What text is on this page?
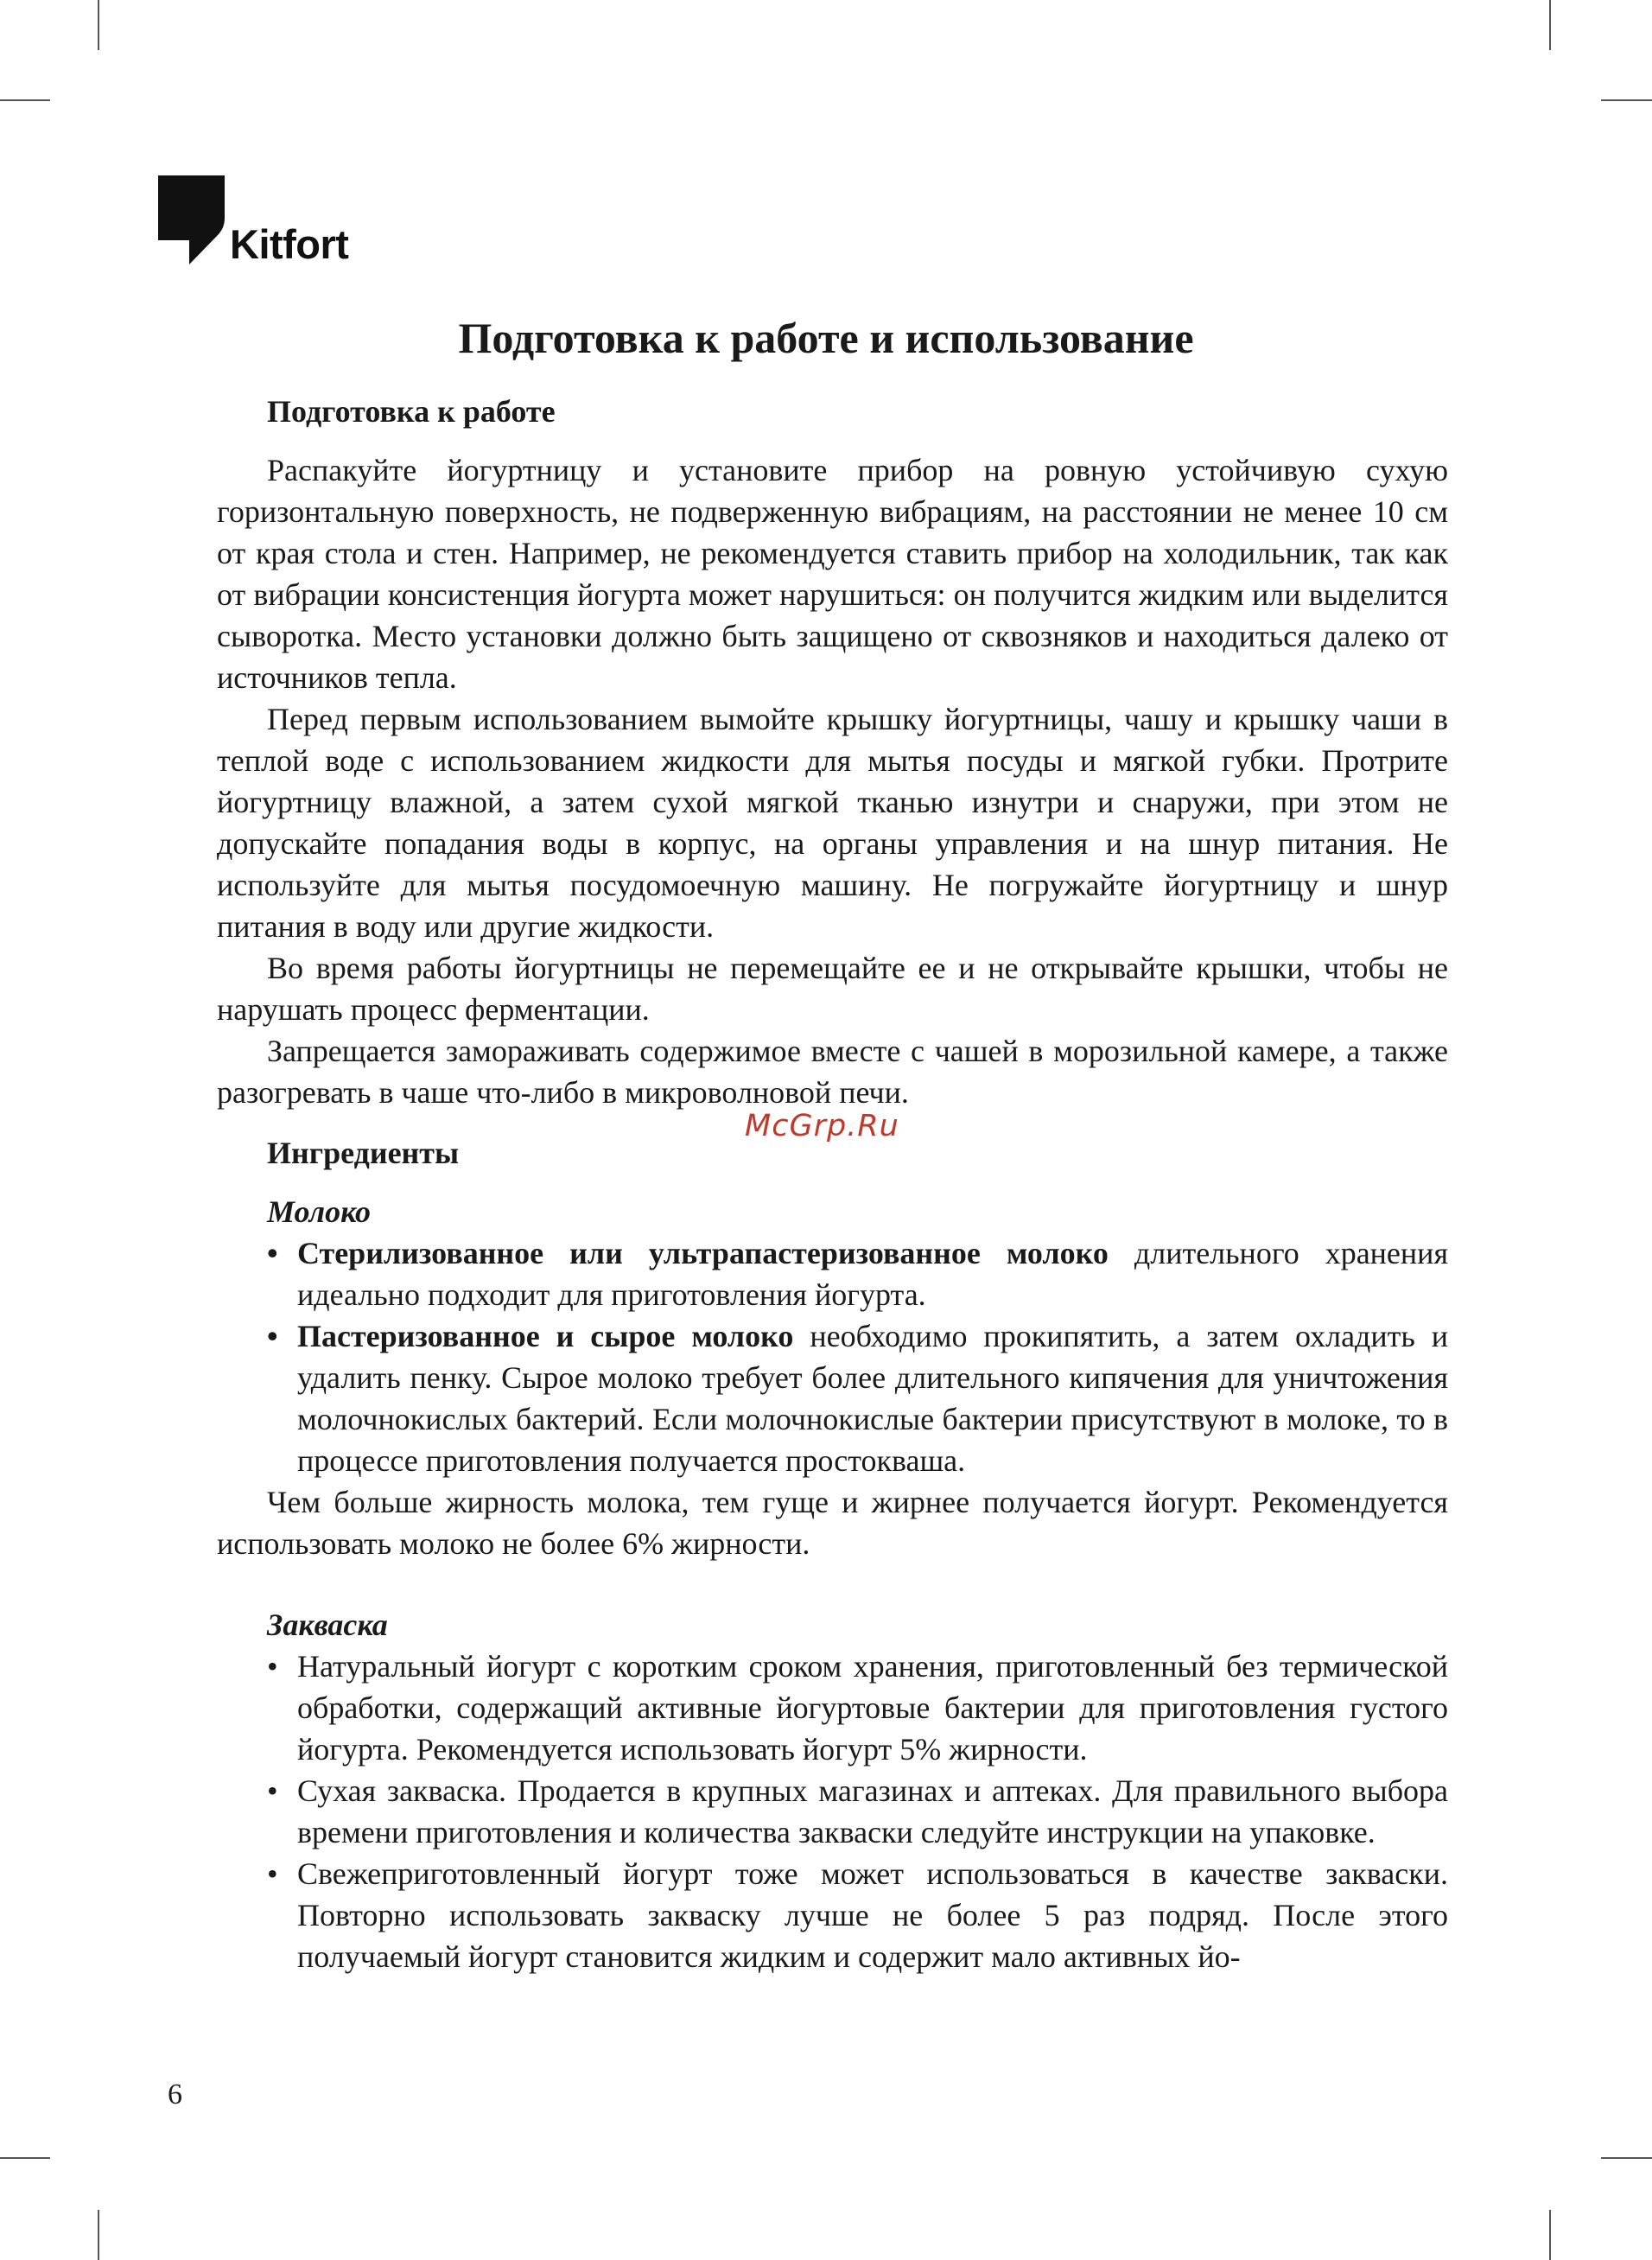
Kitfort
Подготовка к работе и использование
Подготовка к работе

Распакуйте йогуртницу и установите прибор на ровную устойчивую сухую горизонтальную поверхность, не подверженную вибрациям, на расстоянии не менее 10 см от края стола и стен. Например, не рекомендуется ставить прибор на холодильник, так как от вибрации консистенция йогурта может нарушиться: он получится жидким или выделится сыворотка. Место установки должно быть защищено от сквозняков и находиться далеко от источников тепла.

Перед первым использованием вымойте крышку йогуртницы, чашу и крышку чаши в теплой воде с использованием жидкости для мытья посуды и мягкой губки. Протрите йогуртницу влажной, а затем сухой мягкой тканью изнутри и снаружи, при этом не допускайте попадания воды в корпус, на органы управления и на шнур питания. Не используйте для мытья посудомоечную машину. Не погружайте йогуртницу и шнур питания в воду или другие жидкости.

Во время работы йогуртницы не перемещайте ее и не открывайте крышки, чтобы не нарушать процесс ферментации.

Запрещается замораживать содержимое вместе с чашей в морозильной камере, а также разогревать в чаше что-либо в микроволновой печи.

Ингредиенты
Молоко
• Стерилизованное или ультрапастеризованное молоко длительного хранения идеально подходит для приготовления йогурта.
• Пастеризованное и сырое молоко необходимо прокипятить, а затем охладить и удалить пенку. Сырое молоко требует более длительного кипячения для уничтожения молочнокислых бактерий. Если молочнокислые бактерии присутствуют в молоке, то в процессе приготовления получается простокваша.

Чем больше жирность молока, тем гуще и жирнее получается йогурт. Рекомендуется использовать молоко не более 6% жирности.

Закваска
• Натуральный йогурт с коротким сроком хранения, приготовленный без термической обработки, содержащий активные йогуртовые бактерии для приготовления густого йогурта. Рекомендуется использовать йогурт 5% жирности.
• Сухая закваска. Продается в крупных магазинах и аптеках. Для правильного выбора времени приготовления и количества закваски следуйте инструкции на упаковке.
• Свежеприготовленный йогурт тоже может использоваться в качестве закваски. Повторно использовать закваску лучше не более 5 раз подряд. После этого получаемый йогурт становится жидким и содержит мало активных йо-
McGrp.Ru
6
